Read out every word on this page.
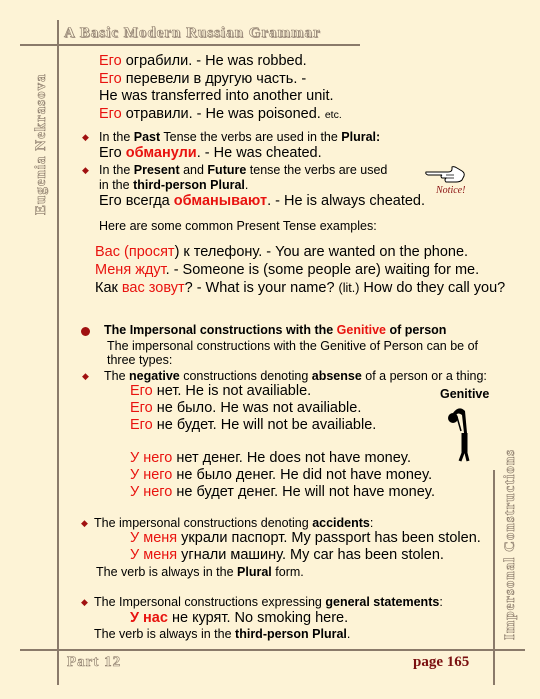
A Basic Modern Russian Grammar
Eugenia Nekrasova
Impersonal Constructions
Part 12	page 165
Его ограбили. - He was robbed.
Его перевели в другую часть. -
He was transferred into another unit.
Его отравили. - He was poisoned. etc.
◆ In the Past Tense the verbs are used in the Plural:
Его обманули. - He was cheated.
◆ In the Present and Future tense the verbs are used
in the third-person Plural.
Его всегда обманывают. - He is always cheated.
Notice!
Here are some common Present Tense examples:
Вас (просят) к телефону. - You are wanted on the phone.
Меня ждут. - Someone is (some people are) waiting for me.
Как вас зовут? - What is your name? (lit.) How do they call you?
The Impersonal constructions with the Genitive of person
The impersonal constructions with the Genitive of Person can be of
three types:
◆ The negative constructions denoting absense of a person or a thing:
Его нет. He is not availiable.
Его не было. He was not availiable.
Его не будет. He will not be availiable.
Genitive
У него нет денег. He does not have money.
У него не было денег. He did not have money.
У него не будет денег. He will not have money.
◆ The impersonal constructions denoting accidents:
У меня украли паспорт. My passport has been stolen.
У меня угнали машину. My car has been stolen.
The verb is always in the Plural form.
◆ The Impersonal constructions expressing general statements:
У нас не курят. No smoking here.
The verb is always in the third-person Plural.
